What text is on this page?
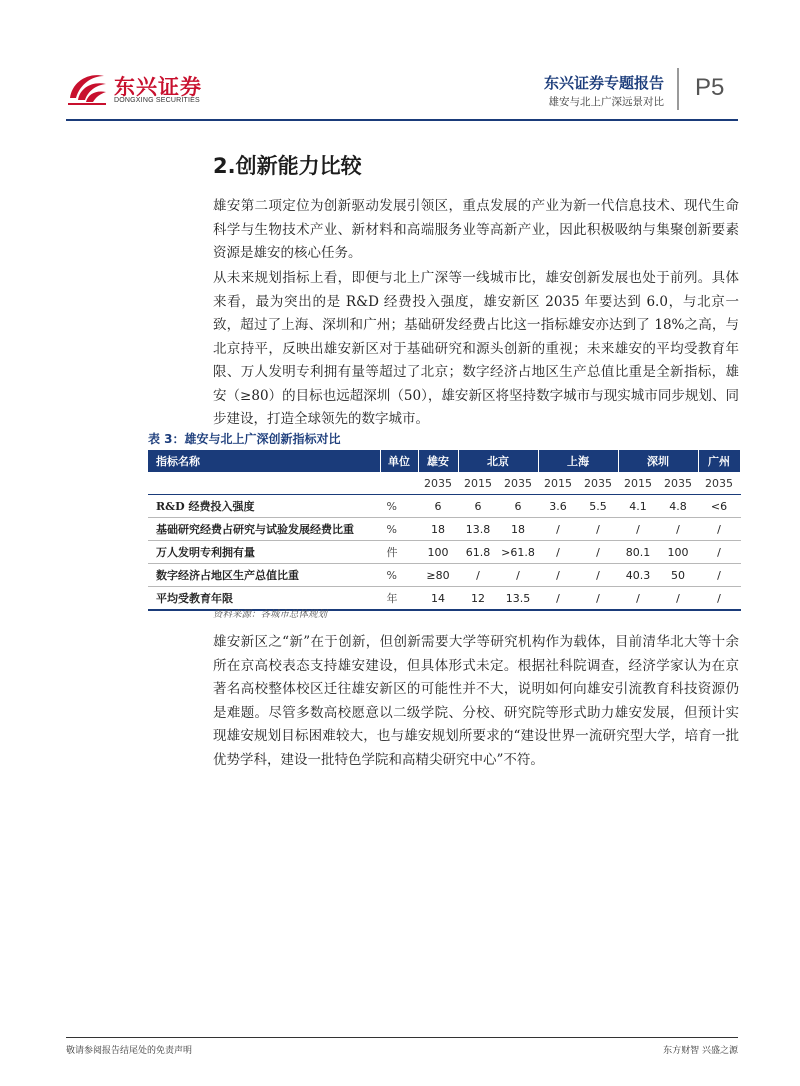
东兴证券
DONGXING SECURITIES
东兴证券专题报告
雄安与北上广深远景对比
P5
2.创新能力比较

雄安第二项定位为创新驱动发展引领区，重点发展的产业为新一代信息技术、现代生命科学与生物技术产业、新材料和高端服务业等高新产业，因此积极吸纳与集聚创新要素资源是雄安的核心任务。

从未来规划指标上看，即便与北上广深等一线城市比，雄安创新发展也处于前列。具体来看，最为突出的是 R&D 经费投入强度，雄安新区 2035 年要达到 6.0，与北京一致，超过了上海、深圳和广州；基础研发经费占比这一指标雄安亦达到了 18%之高，与北京持平，反映出雄安新区对于基础研究和源头创新的重视；未来雄安的平均受教育年限、万人发明专利拥有量等超过了北京；数字经济占地区生产总值比重是全新指标，雄安（≥80）的目标也远超深圳（50），雄安新区将坚持数字城市与现实城市同步规划、同步建设，打造全球领先的数字城市。

表 3：雄安与北上广深创新指标对比
指标名称	单位	雄安	北京		上海		深圳		广州
		2035	2015	2035	2015	2035	2015	2035	2035
R&D 经费投入强度	%	6	6	6	3.6	5.5	4.1	4.8	<6
基础研究经费占研究与试验发展经费比重	%	18	13.8	18	/	/	/	/	/
万人发明专利拥有量	件	100	61.8	>61.8	/	/	80.1	100	/
数字经济占地区生产总值比重	%	≥80	/	/	/	/	40.3	50	/
平均受教育年限	年	14	12	13.5	/	/	/	/	/
资料来源：各城市总体规划

雄安新区之“新”在于创新，但创新需要大学等研究机构作为载体，目前清华北大等十余所在京高校表态支持雄安建设，但具体形式未定。根据社科院调查，经济学家认为在京著名高校整体校区迁往雄安新区的可能性并不大，说明如何向雄安引流教育科技资源仍是难题。尽管多数高校愿意以二级学院、分校、研究院等形式助力雄安发展，但预计实现雄安规划目标困难较大，也与雄安规划所要求的“建设世界一流研究型大学，培育一批优势学科，建设一批特色学院和高精尖研究中心”不符。

敬请参阅报告结尾处的免责声明	东方财智 兴盛之源
